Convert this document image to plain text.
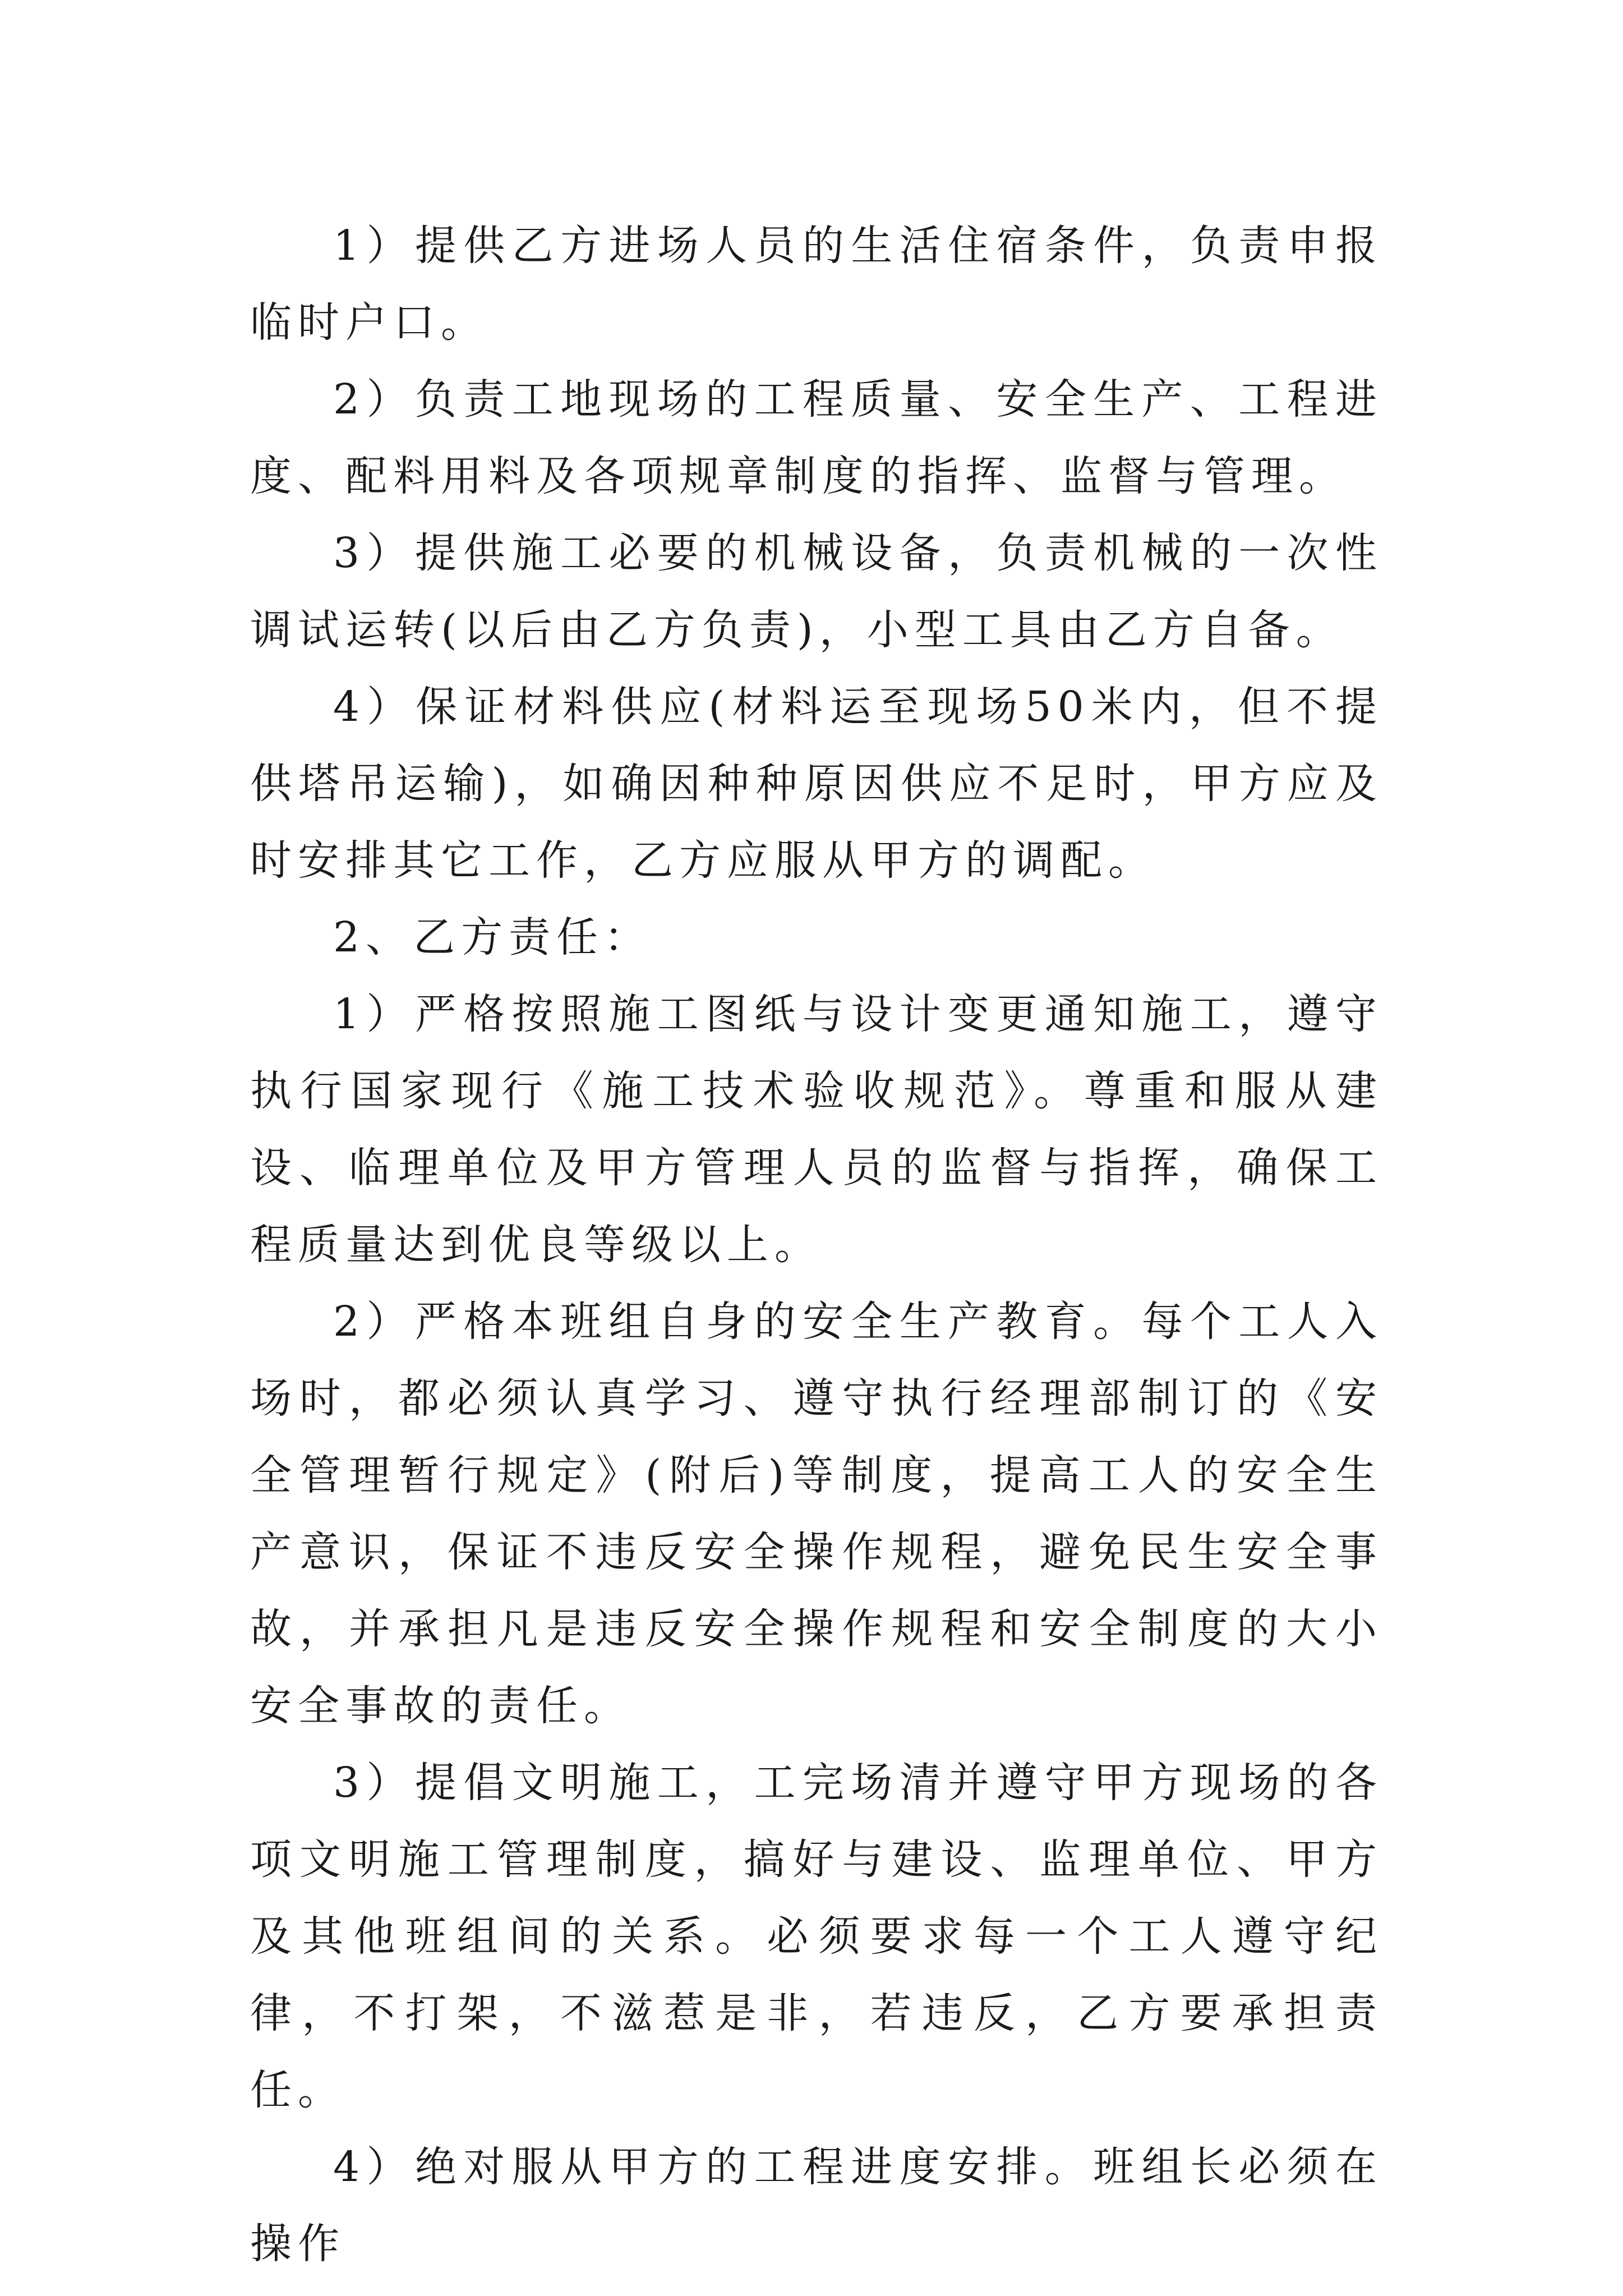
1）提供乙方进场人员的生活住宿条件，负责申报临时户口。

2）负责工地现场的工程质量、安全生产、工程进度、配料用料及各项规章制度的指挥、监督与管理。

3）提供施工必要的机械设备，负责机械的一次性调试运转(以后由乙方负责)，小型工具由乙方自备。

4）保证材料供应(材料运至现场50米内，但不提供塔吊运输)，如确因种种原因供应不足时，甲方应及时安排其它工作，乙方应服从甲方的调配。

2、乙方责任：

1）严格按照施工图纸与设计变更通知施工，遵守执行国家现行《施工技术验收规范》。尊重和服从建设、临理单位及甲方管理人员的监督与指挥，确保工程质量达到优良等级以上。

2）严格本班组自身的安全生产教育。每个工人入场时，都必须认真学习、遵守执行经理部制订的《安全管理暂行规定》(附后)等制度，提高工人的安全生产意识，保证不违反安全操作规程，避免民生安全事故，并承担凡是违反安全操作规程和安全制度的大小安全事故的责任。

3）提倡文明施工，工完场清并遵守甲方现场的各项文明施工管理制度，搞好与建设、监理单位、甲方及其他班组间的关系。必须要求每一个工人遵守纪律，不打架，不滋惹是非，若违反，乙方要承担责任。

4）绝对服从甲方的工程进度安排。班组长必须在操作
